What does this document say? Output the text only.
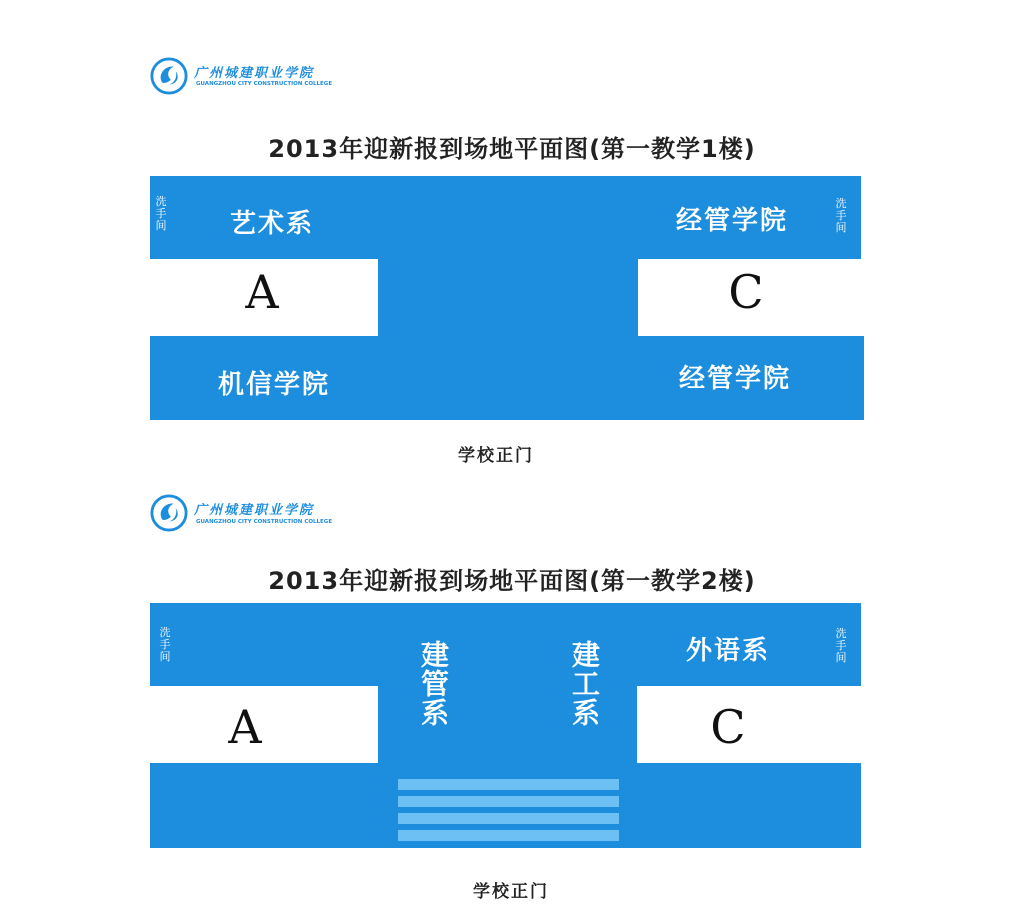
广州城建职业学院
GUANGZHOU CITY CONSTRUCTION COLLEGE
2013年迎新报到场地平面图(第一教学1楼)
洗手间
洗手间
艺术系	经管学院
机信学院	经管学院
A	C
学校正门
广州城建职业学院
GUANGZHOU CITY CONSTRUCTION COLLEGE
2013年迎新报到场地平面图(第一教学2楼)
洗手间
洗手间
外语系
建管系	建工系
A	C
学校正门
